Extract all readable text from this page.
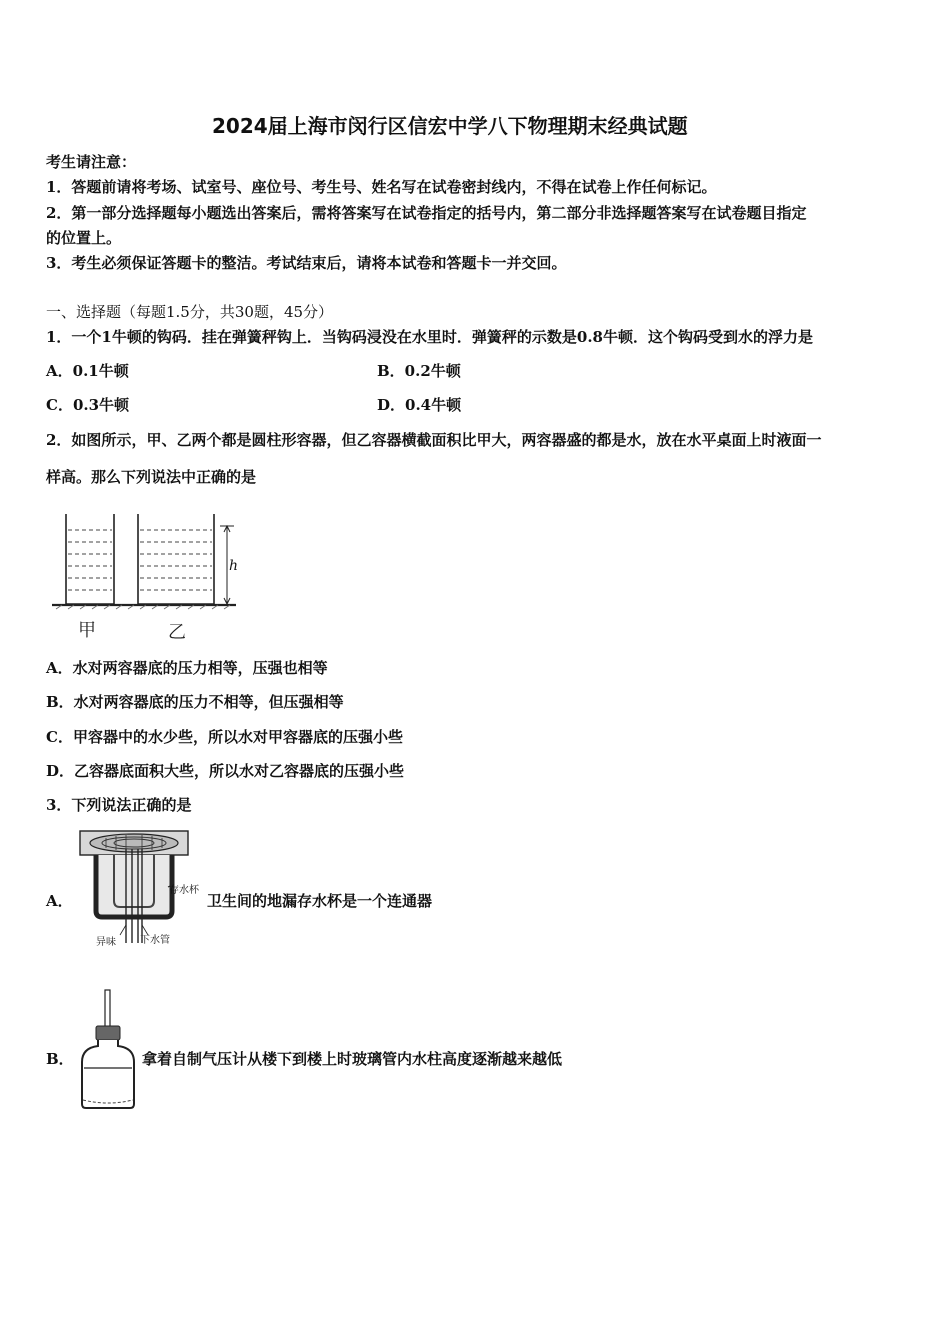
2024届上海市闵行区信宏中学八下物理期末经典试题
考生请注意：
1．答题前请将考场、试室号、座位号、考生号、姓名写在试卷密封线内，不得在试卷上作任何标记。
2．第一部分选择题每小题选出答案后，需将答案写在试卷指定的括号内，第二部分非选择题答案写在试卷题目指定
的位置上。
3．考生必须保证答题卡的整洁。考试结束后，请将本试卷和答题卡一并交回。
一、选择题（每题1.5分，共30题，45分）
1．一个1牛顿的钩码．挂在弹簧秤钩上．当钩码浸没在水里时．弹簧秤的示数是0.8牛顿．这个钩码受到水的浮力是
A．0.1牛顿	B．0.2牛顿
C．0.3牛顿	D．0.4牛顿
2．如图所示，甲、乙两个都是圆柱形容器，但乙容器横截面积比甲大，两容器盛的都是水，放在水平桌面上时液面一
样高。那么下列说法中正确的是
h
甲	乙
A．水对两容器底的压力相等，压强也相等
B．水对两容器底的压力不相等，但压强相等
C．甲容器中的水少些，所以水对甲容器底的压强小些
D．乙容器底面积大些，所以水对乙容器底的压强小些
3．下列说法正确的是
A．
存水杯
异味 下水管
卫生间的地漏存水杯是一个连通器
B．	拿着自制气压计从楼下到楼上时玻璃管内水柱高度逐渐越来越低
